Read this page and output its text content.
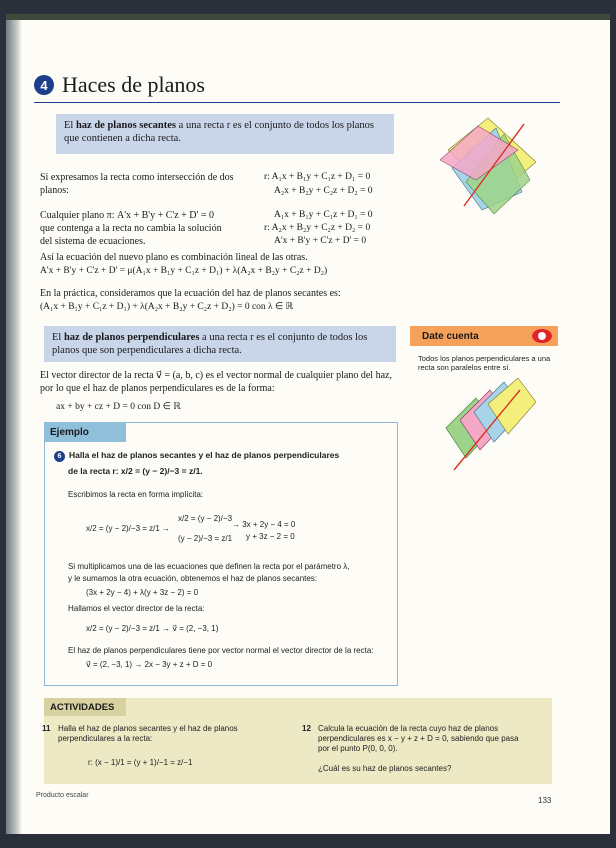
4 Haces de planos
El haz de planos secantes a una recta r es el conjunto de todos los planos que contienen a dicha recta.
Si expresamos la recta como intersección de dos planos:
r: A₁x + B₁y + C₁z + D₁ = 0
A₂x + B₂y + C₂z + D₂ = 0
Cualquier plano π: A'x + B'y + C'z + D' = 0
que contenga a la recta no cambia la solución
del sistema de ecuaciones.
A₁x + B₁y + C₁z + D₁ = 0
r: A₂x + B₂y + C₂z + D₂ = 0
A'x + B'y + C'z + D' = 0
Así la ecuación del nuevo plano es combinación lineal de las otras.
A'x + B'y + C'z + D' = μ(A₁x + B₁y + C₁z + D₁) + λ(A₂x + B₂y + C₂z + D₂)
En la práctica, consideramos que la ecuación del haz de planos secantes es:
(A₁x + B₁y + C₁z + D₁) + λ(A₂x + B₂y + C₂z + D₂) = 0 con λ ∈ ℝ
El haz de planos perpendiculares a una recta r es el conjunto de todos los planos que son perpendiculares a dicha recta.
El vector director de la recta v⃗ = (a, b, c) es el vector normal de cualquier plano del haz, por lo que el haz de planos perpendiculares es de la forma:
ax + by + cz + D = 0 con D ∈ ℝ
Date cuenta
Todos los planos perpendiculares a una recta son paralelos entre sí.
Ejemplo
6 Halla el haz de planos secantes y el haz de planos perpendiculares
de la recta r: x/2 = (y − 2)/−3 = z/1.
Escribimos la recta en forma implícita:
x/2 = (y − 2)/−3 = z/1 →
x/2 = (y − 2)/−3
(y − 2)/−3 = z/1
→ 3x + 2y − 4 = 0
y + 3z − 2 = 0
Si multiplicamos una de las ecuaciones que definen la recta por el parámetro λ,
y le sumamos la otra ecuación, obtenemos el haz de planos secantes:
(3x + 2y − 4) + λ(y + 3z − 2) = 0
Hallamos el vector director de la recta:
x/2 = (y − 2)/−3 = z/1 → v⃗ = (2, −3, 1)
El haz de planos perpendiculares tiene por vector normal el vector director de la recta:
v⃗ = (2, −3, 1) → 2x − 3y + z + D = 0
ACTIVIDADES
11 Halla el haz de planos secantes y el haz de planos
perpendiculares a la recta:
r: (x − 1)/1 = (y + 1)/−1 = z/−1
12 Calcula la ecuación de la recta cuyo haz de planos
perpendiculares es x − y + z + D = 0, sabiendo que pasa
por el punto P(0, 0, 0).
¿Cuál es su haz de planos secantes?
Producto escalar
133
